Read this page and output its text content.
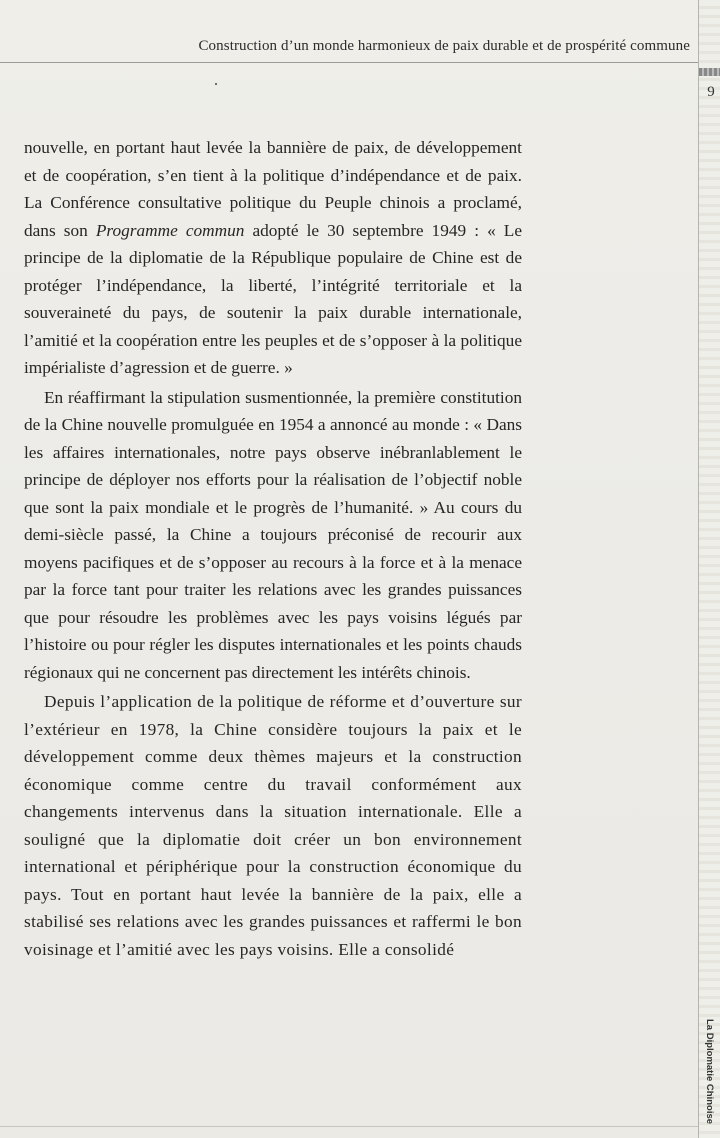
Construction d’un monde harmonieux de paix durable et de prospérité commune

nouvelle, en portant haut levée la bannière de paix, de développement et de coopération, s’en tient à la politique d’indépendance et de paix. La Conférence consultative politique du Peuple chinois a proclamé, dans son Programme commun adopté le 30 septembre 1949 : « Le principe de la diplomatie de la République populaire de Chine est de protéger l’indépendance, la liberté, l’intégrité territoriale et la souveraineté du pays, de soutenir la paix durable internationale, l’amitié et la coopération entre les peuples et de s’opposer à la politique impérialiste d’agression et de guerre. »

En réaffirmant la stipulation susmentionnée, la première constitution de la Chine nouvelle promulguée en 1954 a annoncé au monde : « Dans les affaires internationales, notre pays observe inébranlablement le principe de déployer nos efforts pour la réalisation de l’objectif noble que sont la paix mondiale et le progrès de l’humanité. » Au cours du demi-siècle passé, la Chine a toujours préconisé de recourir aux moyens pacifiques et de s’opposer au recours à la force et à la menace par la force tant pour traiter les relations avec les grandes puissances que pour résoudre les problèmes avec les pays voisins légués par l’histoire ou pour régler les disputes internationales et les points chauds régionaux qui ne concernent pas directement les intérêts chinois.

Depuis l’application de la politique de réforme et d’ouverture sur l’extérieur en 1978, la Chine considère toujours la paix et le développement comme deux thèmes majeurs et la construction économique comme centre du travail conformément aux changements intervenus dans la situation internationale. Elle a souligné que la diplomatie doit créer un bon environnement international et périphérique pour la construction économique du pays. Tout en portant haut levée la bannière de la paix, elle a stabilisé ses relations avec les grandes puissances et raffermi le bon voisinage et l’amitié avec les pays voisins. Elle a consolidé

9
La Diplomatie Chinoise
